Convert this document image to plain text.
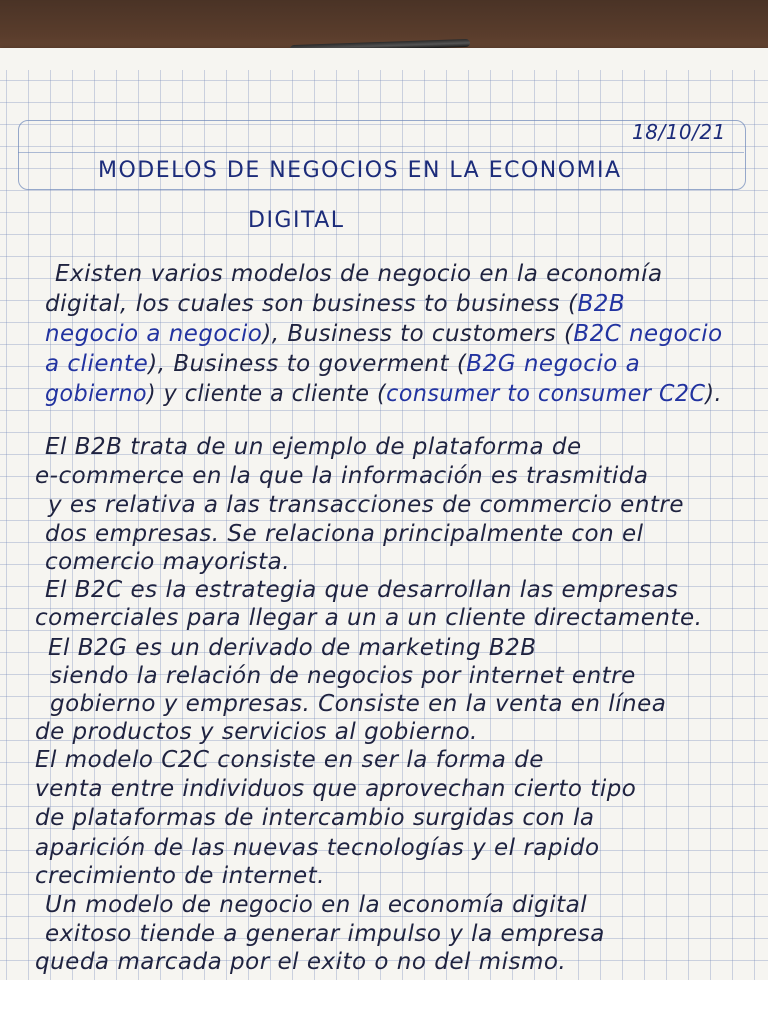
18/10/21
MODELOS DE NEGOCIOS EN LA ECONOMIA
DIGITAL
Existen varios modelos de negocio en la economía
digital, los cuales son business to business (B2B
negocio a negocio), Business to customers (B2C negocio
a cliente), Business to goverment (B2G negocio a
gobierno) y cliente a cliente (consumer to consumer C2C).
El B2B trata de un ejemplo de plataforma de
e-commerce en la que la información es trasmitida
y es relativa a las transacciones de commercio entre
dos empresas. Se relaciona principalmente con el
comercio mayorista.
El B2C es la estrategia que desarrollan las empresas
comerciales para llegar a un a un cliente directamente.
El B2G es un derivado de marketing B2B
siendo la relación de negocios por internet entre
gobierno y empresas. Consiste en la venta en línea
de productos y servicios al gobierno.
El modelo C2C consiste en ser la forma de
venta entre individuos que aprovechan cierto tipo
de plataformas de intercambio surgidas con la
aparición de las nuevas tecnologías y el rapido
crecimiento de internet.
Un modelo de negocio en la economía digital
exitoso tiende a generar impulso y la empresa
queda marcada por el exito o no del mismo.
